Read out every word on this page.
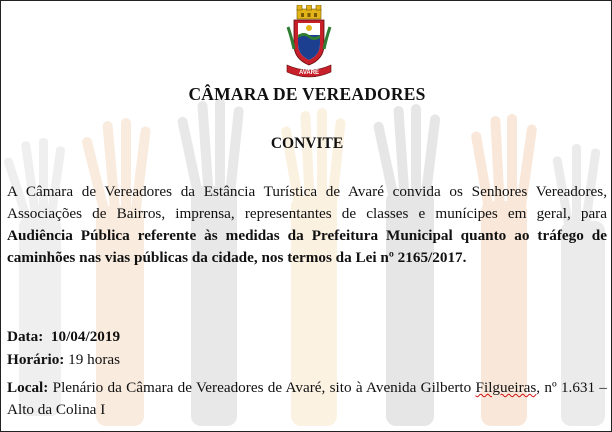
AVARÉ
CÂMARA DE VEREADORES
CONVITE

A Câmara de Vereadores da Estância Turística de Avaré convida os Senhores Vereadores, Associações de Bairros, imprensa, representantes de classes e munícipes em geral, para Audiência Pública referente às medidas da Prefeitura Municipal quanto ao tráfego de caminhões nas vias públicas da cidade, nos termos da Lei nº 2165/2017.

Data: 10/04/2019
Horário: 19 horas
Local: Plenário da Câmara de Vereadores de Avaré, sito à Avenida Gilberto Filgueiras, nº 1.631 – Alto da Colina I
